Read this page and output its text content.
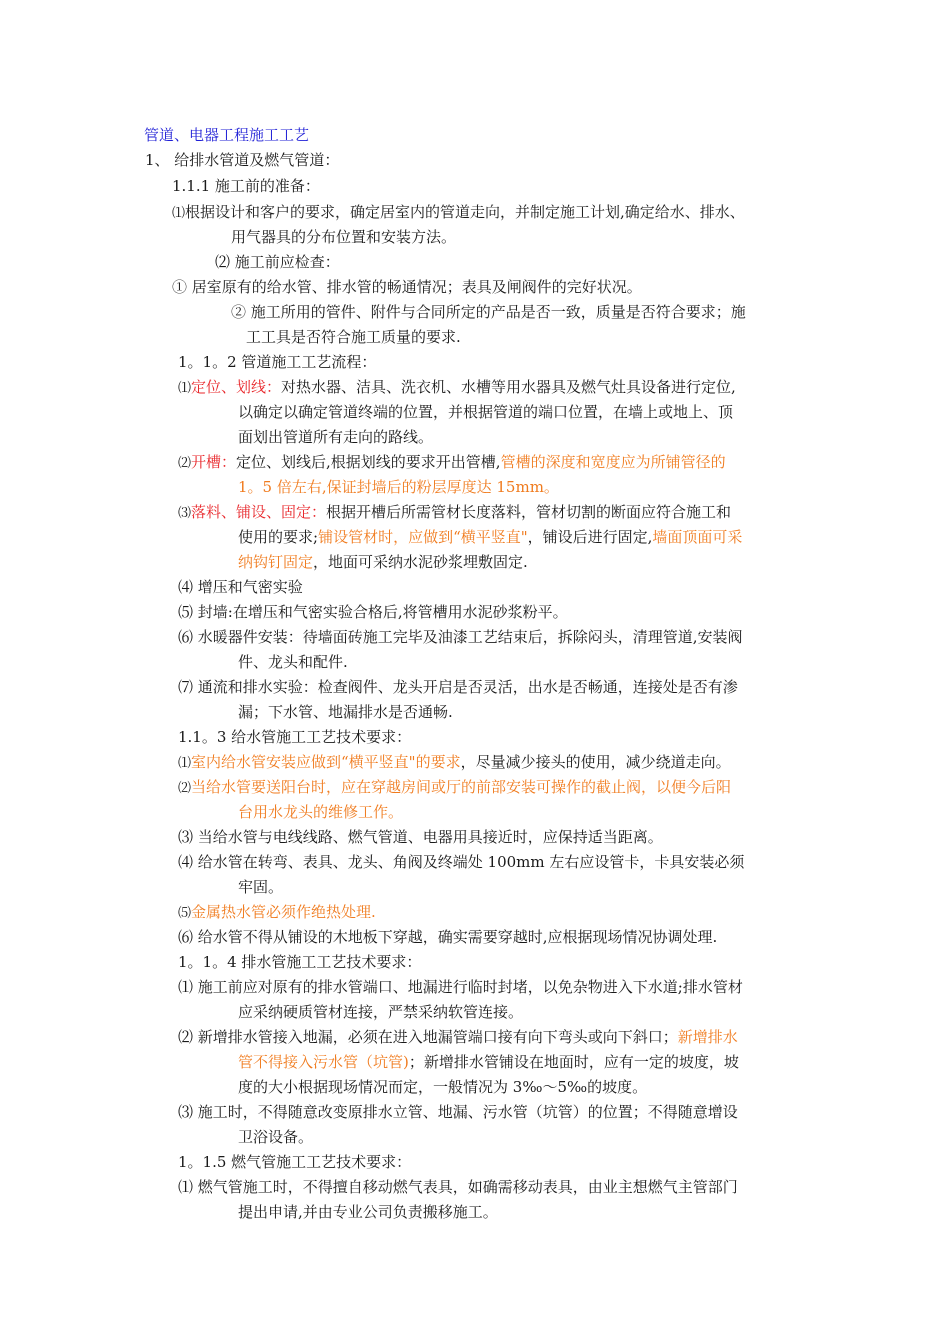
管道、电器工程施工工艺
1、 给排水管道及燃气管道：
1.1.1 施工前的准备：
⑴根据设计和客户的要求，确定居室内的管道走向，并制定施工计划,确定给水、排水、
用气器具的分布位置和安装方法。
⑵ 施工前应检查：
① 居室原有的给水管、排水管的畅通情况；表具及闸阀件的完好状况。
② 施工所用的管件、附件与合同所定的产品是否一致，质量是否符合要求；施
工工具是否符合施工质量的要求.
1。1。2 管道施工工艺流程：
⑴定位、划线：对热水器、洁具、洗衣机、水槽等用水器具及燃气灶具设备进行定位,
以确定以确定管道终端的位置，并根据管道的端口位置，在墙上或地上、顶
面划出管道所有走向的路线。
⑵开槽：定位、划线后,根据划线的要求开出管槽,管槽的深度和宽度应为所铺管径的
1。5 倍左右,保证封墙后的粉层厚度达 15mm。
⑶落料、铺设、固定：根据开槽后所需管材长度落料，管材切割的断面应符合施工和
使用的要求;铺设管材时，应做到“横平竖直"，铺设后进行固定,墙面顶面可采
纳钩钉固定，地面可采纳水泥砂浆埋敷固定.
⑷ 增压和气密实验
⑸ 封墙:在增压和气密实验合格后,将管槽用水泥砂浆粉平。
⑹ 水暖器件安装：待墙面砖施工完毕及油漆工艺结束后，拆除闷头，清理管道,安装阀
件、龙头和配件.
⑺ 通流和排水实验：检查阀件、龙头开启是否灵活，出水是否畅通，连接处是否有渗
漏；下水管、地漏排水是否通畅.
1.1。3 给水管施工工艺技术要求：
⑴室内给水管安装应做到“横平竖直"的要求，尽量减少接头的使用，减少绕道走向。
⑵当给水管要送阳台时，应在穿越房间或厅的前部安装可操作的截止阀，以便今后阳
台用水龙头的维修工作。
⑶ 当给水管与电线线路、燃气管道、电器用具接近时，应保持适当距离。
⑷ 给水管在转弯、表具、龙头、角阀及终端处 100mm 左右应设管卡，卡具安装必须
牢固。
⑸金属热水管必须作绝热处理.
⑹ 给水管不得从铺设的木地板下穿越，确实需要穿越时,应根据现场情况协调处理.
1。1。4 排水管施工工艺技术要求：
⑴ 施工前应对原有的排水管端口、地漏进行临时封堵，以免杂物进入下水道;排水管材
应采纳硬质管材连接，严禁采纳软管连接。
⑵ 新增排水管接入地漏，必须在进入地漏管端口接有向下弯头或向下斜口；新增排水
管不得接入污水管（坑管)；新增排水管铺设在地面时，应有一定的坡度，坡
度的大小根据现场情况而定，一般情况为 3‰～5‰的坡度。
⑶ 施工时，不得随意改变原排水立管、地漏、污水管（坑管）的位置；不得随意增设
卫浴设备。
1。1.5 燃气管施工工艺技术要求：
⑴ 燃气管施工时，不得擅自移动燃气表具，如确需移动表具，由业主想燃气主管部门
提出申请,并由专业公司负责搬移施工。
